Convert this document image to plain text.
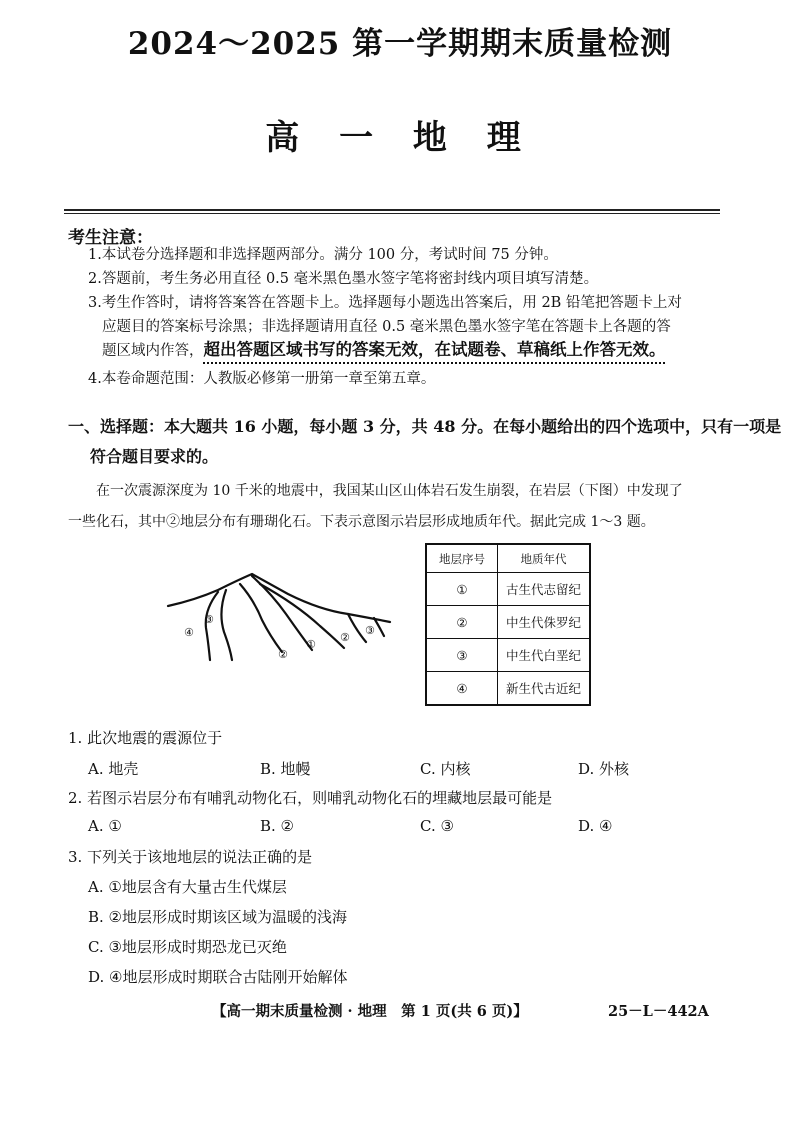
2024～2025 第一学期期末质量检测
高 一 地 理
考生注意：
1.本试卷分选择题和非选择题两部分。满分 100 分，考试时间 75 分钟。
2.答题前，考生务必用直径 0.5 毫米黑色墨水签字笔将密封线内项目填写清楚。
3.考生作答时，请将答案答在答题卡上。选择题每小题选出答案后，用 2B 铅笔把答题卡上对
应题目的答案标号涂黑；非选择题请用直径 0.5 毫米黑色墨水签字笔在答题卡上各题的答
题区域内作答，超出答题区域书写的答案无效，在试题卷、草稿纸上作答无效。
4.本卷命题范围：人教版必修第一册第一章至第五章。
一、选择题：本大题共 16 小题，每小题 3 分，共 48 分。在每小题给出的四个选项中，只有一项是
符合题目要求的。
在一次震源深度为 10 千米的地震中，我国某山区山体岩石发生崩裂，在岩层（下图）中发现了
一些化石，其中②地层分布有珊瑚化石。下表示意图示岩层形成地质年代。据此完成 1～3 题。
①
②
③
④	②
③
地层序号	地质年代
①	古生代志留纪
②	中生代侏罗纪
③	中生代白垩纪
④	新生代古近纪
1. 此次地震的震源位于
A. 地壳	B. 地幔	C. 内核	D. 外核
2. 若图示岩层分布有哺乳动物化石，则哺乳动物化石的埋藏地层最可能是
A. ①	B. ②	C. ③	D. ④
3. 下列关于该地地层的说法正确的是
A. ①地层含有大量古生代煤层
B. ②地层形成时期该区域为温暖的浅海
C. ③地层形成时期恐龙已灭绝
D. ④地层形成时期联合古陆刚开始解体
【高一期末质量检测 · 地理　第 1 页(共 6 页)】	25－L－442A
